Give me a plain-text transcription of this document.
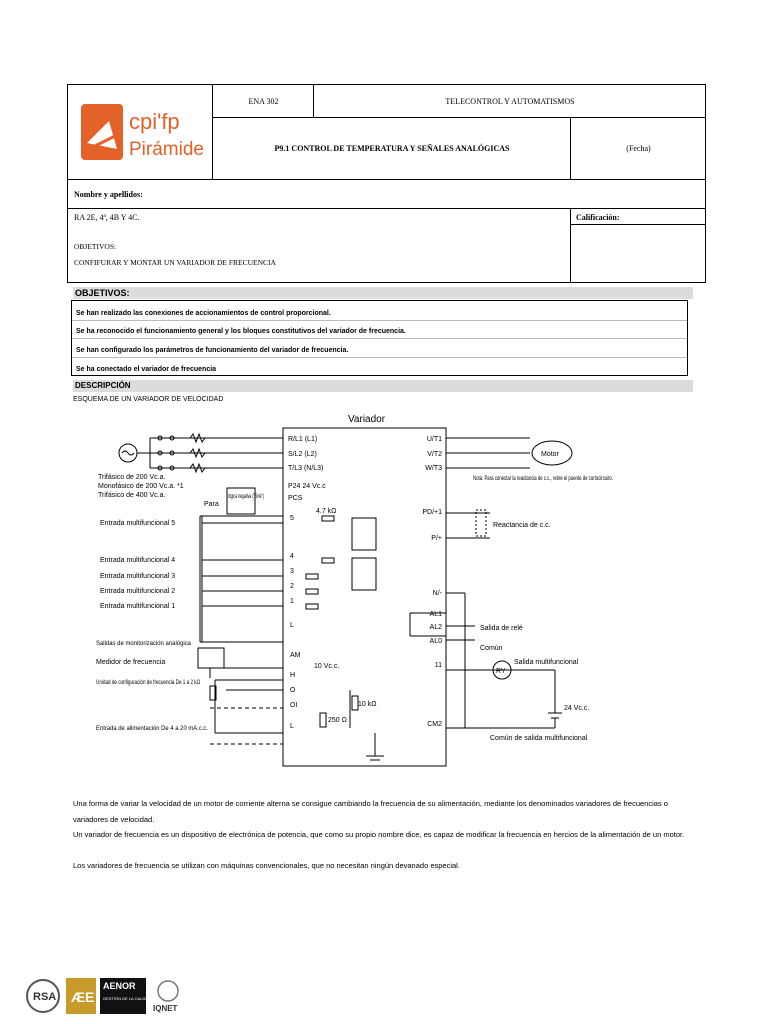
cpi'fp
Pirámide
ENA 302	TELECONTROL Y AUTOMATISMOS
P9.1 CONTROL DE TEMPERATURA Y SEÑALES ANALÓGICAS	(Fecha)
Nombre y apellidos:
RA 2E, 4ª, 4B Y 4C.
OBJETIVOS:
CONFIFURAR Y MONTAR UN VARIADOR DE FRECUENCIA
Calificación:
OBJETIVOS:
Se han realizado las conexiones de accionamientos de control proporcional.
Se ha reconocido el funcionamiento general y los bloques constitutivos del variador de frecuencia.
Se han configurado los parámetros de funcionamiento del variador de frecuencia.
Se ha conectado el variador de frecuencia
DESCRIPCIÓN
ESQUEMA DE UN VARIADOR DE VELOCIDAD
Variador
R/L1 (L1)
S/L2 (L2)
T/L3 (N/L3)
P24 24 Vc.c
PCS
5
4
3
2
1
L
AM
H
O
OI
L
U/T1
V/T2
W/T3
PD/+1
P/+
N/-
AL1
AL2
AL0
11
CM2
Trifásico de 200 Vc.a.
Monofásico de 200 Vc.a. *1
Trifásico de 400 Vc.a.
Para
lógica negativa ("Sink")
Entrada multifuncional 5
Entrada multifuncional 4
Entrada multifuncional 3
Entrada multifuncional 2
Entrada multifuncional 1
Salidas de monitorización analógica
Medidor de frecuencia
Unidad de configuración de frecuencia De 1 a 2 kΩ
Entrada de alimentación De 4 a 20 mA.c.c.
4.7 kΩ
10 Vc.c.
10 kΩ
250 Ω
Motor
Nota: Para conectar la reactancia de c.c., retire el puente de cortocircuito.
Reactancia de c.c.
Salida de relé
Común
Salida multifuncional
RY
24 Vc.c.
Común de salida multifuncional
Una forma de variar la velocidad de un motor de corriente alterna se consigue cambiando la frecuencia de su alimentación, mediante los denominados variadores de frecuencias o variadores de velocidad.
Un variador de frecuencia es un dispositivo de electrónica de potencia, que como su propio nombre dice, es capaz de modificar la frecuencia en hercios de la alimentación de un motor.
Los variadores de frecuencia se utilizan con máquinas convencionales, que no necesitan ningún devanado especial.
RSA ÆE
AENOR
GESTIÓN DE LA CALIDAD
IQNET
